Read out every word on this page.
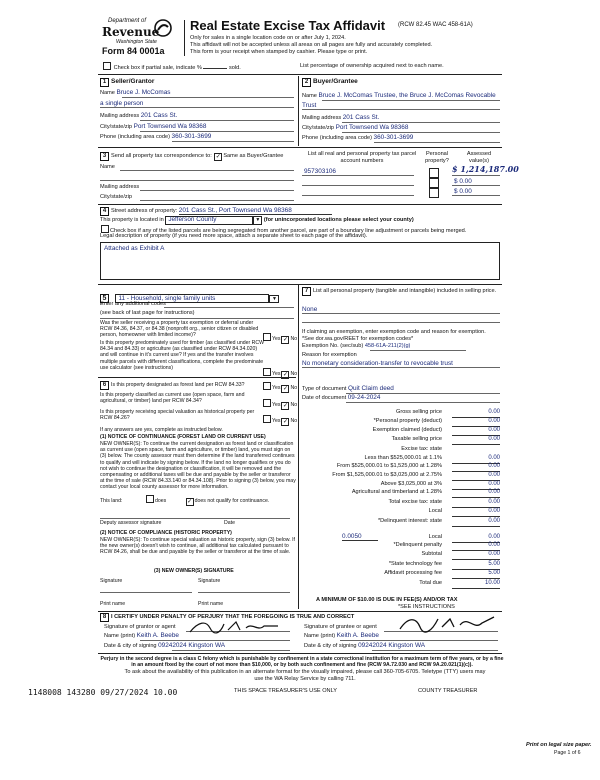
Department of
Revenue
Washington State
Form 84 0001a
Real Estate Excise Tax Affidavit (RCW 82.45 WAC 458-61A)
Only for sales in a single location code on or after July 1, 2024.
This affidavit will not be accepted unless all areas on all pages are fully and accurately completed.
This form is your receipt when stamped by cashier. Please type or print.
Check box if partial sale, indicate %	sold.	List percentage of ownership acquired next to each name.
1 Seller/Grantor
Name Bruce J. McComas
a single person
Mailing address 201 Cass St.
City/state/zip Port Townsend Wa 98368
Phone (including area code) 360-301-3699
2 Buyer/Grantee
Name Bruce J. McComas Trustee, the Bruce J. McComas Revocable
Trust
Mailing address 201 Cass St.
City/state/zip Port Townsend Wa 98368
Phone (including area code) 360-301-3699
3 Send all property tax correspondence to: ✓ Same as Buyer/Grantee
Name
Mailing address
City/state/zip
List all real and personal property tax parcel account numbers
Personal property?
Assessed value(s)
957303106	$ 1,214,187.00
$ 0.00
$ 0.00
4 Street address of property: 201 Cass St., Port Townsend Wa 98368
This property is located in Jefferson County	▼ (for unincorporated locations please select your county)
Check box if any of the listed parcels are being segregated from another parcel, are part of a boundary line adjustment or parcels being merged.
Legal description of property (if you need more space, attach a separate sheet to each page of the affidavit).
Attached as Exhibit A
5 11 - Household, single family units	▼
Enter any additional codes
(see back of last page for instructions)
Was the seller receiving a property tax exemption or deferral under RCW 84.36, 84.37, or 84.38 (nonprofit org., senior citizen or disabled person, homeowner with limited income)?
Yes ✓ No
Is this property predominately used for timber (as classified under RCW 84.34 and 84.33) or agriculture (as classified under RCW 84.34.020) and will continue in it's current use? If yes and the transfer involves multiple parcels with different classifications, complete the predominate use calculator (see instructions)
Yes ✓ No
6 Is this property designated as forest land per RCW 84.33?	Yes ✓ No
Is this property classified as current use (open space, farm and agricultural, or timber) land per RCW 84.34?
Yes ✓ No
Is this property receiving special valuation as historical property per RCW 84.26?	Yes ✓ No
If any answers are yes, complete as instructed below.
(1) NOTICE OF CONTINUANCE (FOREST LAND OR CURRENT USE)
NEW OWNER(S): To continue the current designation as forest land or classification as current use (open space, farm and agriculture, or timber) land, you must sign on (3) below. The county assessor must then determine if the land transferred continues to qualify and will indicate by signing below. If the land no longer qualifies or you do not wish to continue the designation or classification, it will be removed and the compensating or additional taxes will be due and payable by the seller or transferor at the time of sale (RCW 84.33.140 or 84.34.108). Prior to signing (3) below, you may contact your local county assessor for more information.
This land:	does	✓ does not qualify for continuance.
Deputy assessor signature	Date
(2) NOTICE OF COMPLIANCE (HISTORIC PROPERTY)
NEW OWNER(S): To continue special valuation as historic property, sign (3) below. If the new owner(s) doesn't wish to continue, all additional tax calculated pursuant to RCW 84.26, shall be due and payable by the seller or transferor at the time of sale.
(3) NEW OWNER(S) SIGNATURE
Signature	Signature
Print name	Print name
7 List all personal property (tangible and intangible) included in selling price.
None
If claiming an exemption, enter exemption code and reason for exemption. *See dor.wa.gov/REET for exemption codes*
Exemption No. (sec/sub) 458-61A-211(2)(g)
Reason for exemption
No monetary consideration-transfer to revocable trust
Type of document Quit Claim deed
Date of document 09-24-2024
Gross selling price	0.00
*Personal property (deduct)	0.00
Exemption claimed (deduct)	0.00
Taxable selling price	0.00
Excise tax: state
Less than $525,000.01 at 1.1%	0.00
From $525,000.01 to $1,525,000 at 1.28%	0.00
From $1,525,000.01 to $3,025,000 at 2.75%	0.00
Above $3,025,000 at 3%	0.00
Agricultural and timberland at 1.28%	0.00
Total excise tax: state	0.00
Local	0.00
*Delinquent interest: state	0.00
Local	0.00
*Delinquent penalty	0.00
Subtotal	0.00
*State technology fee	5.00
Affidavit processing fee	5.00
Total due	10.00
0.0050
A MINIMUM OF $10.00 IS DUE IN FEE(S) AND/OR TAX
*SEE INSTRUCTIONS
8 I CERTIFY UNDER PENALTY OF PERJURY THAT THE FOREGOING IS TRUE AND CORRECT
Signature of grantor or agent
Name (print) Keith A. Beebe
Date & city of signing 09242024 Kingston WA
Signature of grantee or agent
Name (print) Keith A. Beebe
Date & city of signing 09242024 Kingston WA
Perjury in the second degree is a class C felony which is punishable by confinement in a state correctional institution for a maximum term of five years, or by a fine in an amount fixed by the court of not more than $10,000, or by both such confinement and fine (RCW 9A.72.030 and RCW 9A.20.021(1)(c)).
To ask about the availability of this publication in an alternate format for the visually impaired, please call 360-705-6705. Teletype (TTY) users may use the WA Relay Service by calling 711.
1148008 143280 09/27/2024 10.00	THIS SPACE TREASURER'S USE ONLY	COUNTY TREASURER
Print on legal size paper.
Page 1 of 6
